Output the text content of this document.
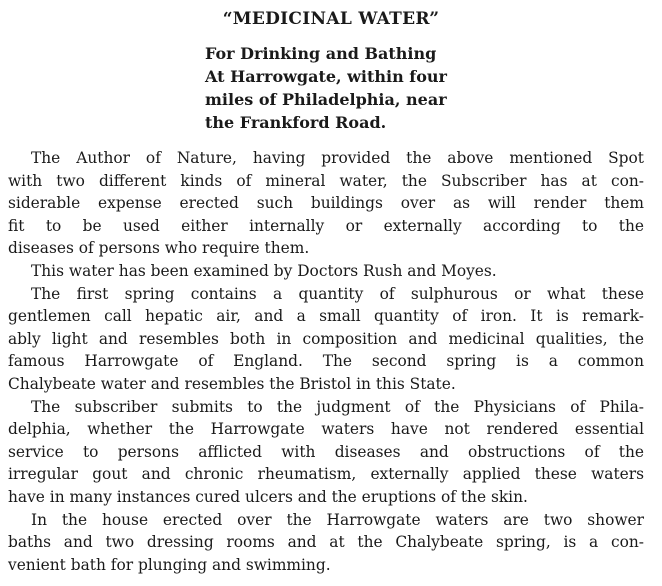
“MEDICINAL WATER”
For Drinking and Bathing
At Harrowgate, within four
miles of Philadelphia, near
the Frankford Road.
The Author of Nature, having provided the above mentioned Spot
with two different kinds of mineral water, the Subscriber has at con-
siderable expense erected such buildings over as will render them
fit to be used either internally or externally according to the
diseases of persons who require them.
This water has been examined by Doctors Rush and Moyes.
The first spring contains a quantity of sulphurous or what these
gentlemen call hepatic air, and a small quantity of iron. It is remark-
ably light and resembles both in composition and medicinal qualities, the
famous Harrowgate of England. The second spring is a common
Chalybeate water and resembles the Bristol in this State.
The subscriber submits to the judgment of the Physicians of Phila-
delphia, whether the Harrowgate waters have not rendered essential
service to persons afflicted with diseases and obstructions of the
irregular gout and chronic rheumatism, externally applied these waters
have in many instances cured ulcers and the eruptions of the skin.
In the house erected over the Harrowgate waters are two shower
baths and two dressing rooms and at the Chalybeate spring, is a con-
venient bath for plunging and swimming.
